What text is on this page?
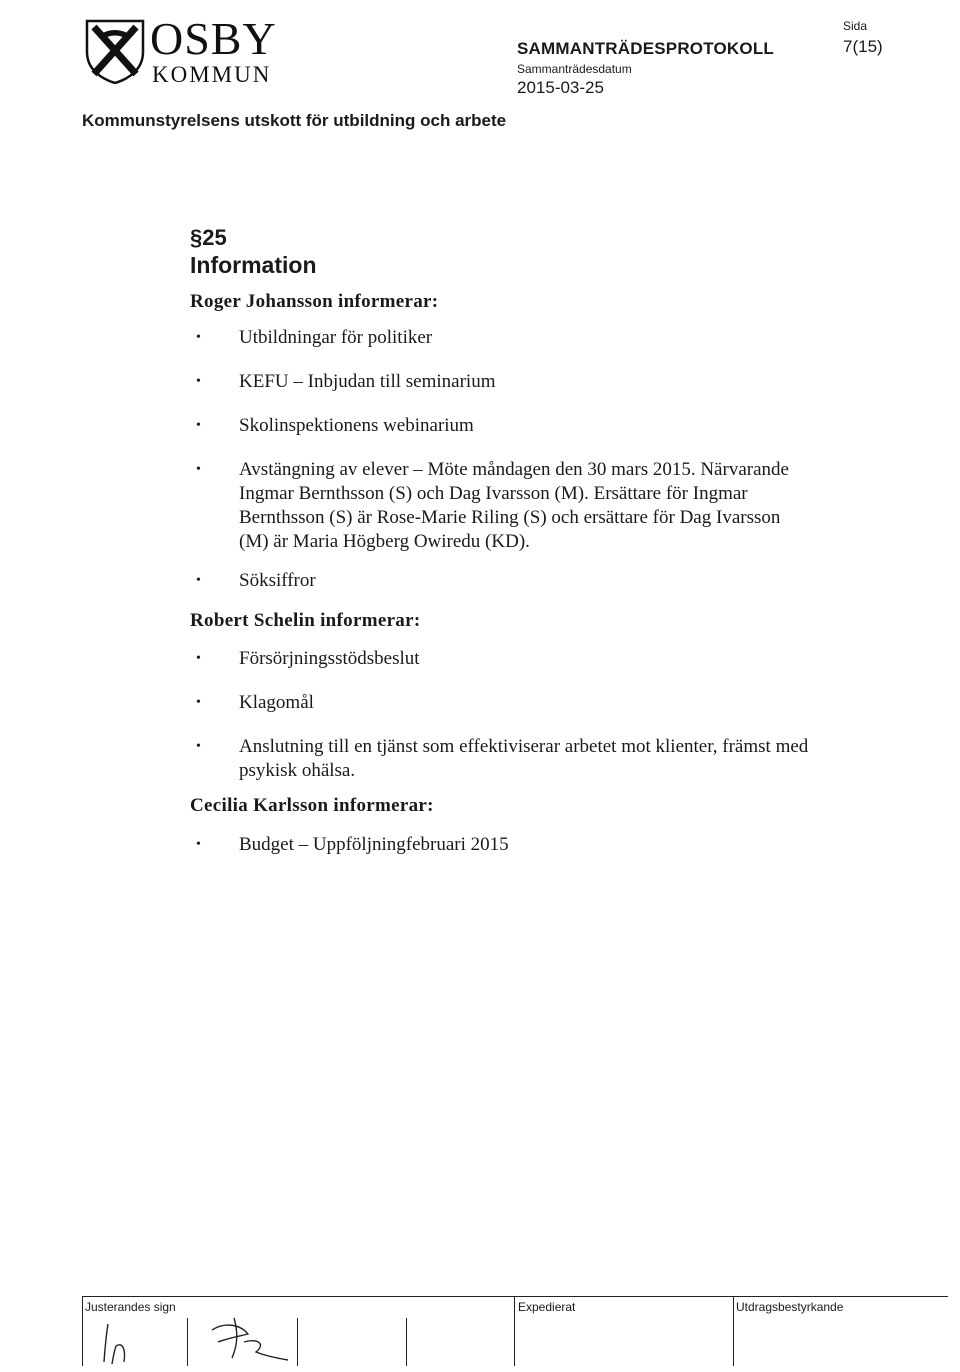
OSBY
KOMMUN
Kommunstyrelsens utskott för utbildning och arbete
SAMMANTRÄDESPROTOKOLL
Sammanträdesdatum
2015-03-25
Sida
7(15)
§25
Information
Roger Johansson informerar:
• Utbildningar för politiker
• KEFU – Inbjudan till seminarium
• Skolinspektionens webinarium
• Avstängning av elever – Möte måndagen den 30 mars 2015. Närvarande Ingmar Bernthsson (S) och Dag Ivarsson (M). Ersättare för Ingmar Bernthsson (S) är Rose-Marie Riling (S) och ersättare för Dag Ivarsson (M) är Maria Högberg Owiredu (KD).
• Söksiffror
Robert Schelin informerar:
• Försörjningsstödsbeslut
• Klagomål
• Anslutning till en tjänst som effektiviserar arbetet mot klienter, främst med psykisk ohälsa.
Cecilia Karlsson informerar:
• Budget – Uppföljningfebruari 2015
Justerandes sign	Expedierat	Utdragsbestyrkande
